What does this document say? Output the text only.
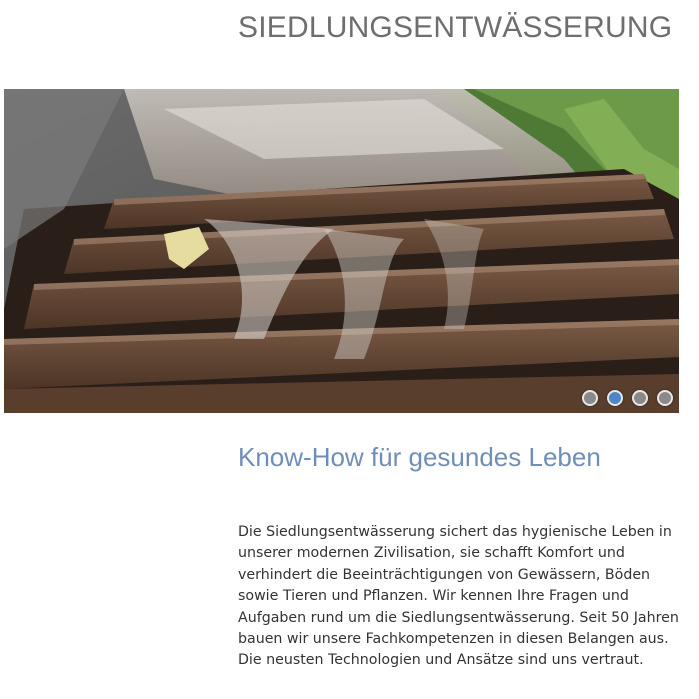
SIEDLUNGSENTWÄSSERUNG
Know-How für gesundes Leben

Die Siedlungsentwässerung sichert das hygienische Leben in unserer modernen Zivilisation, sie schafft Komfort und verhindert die Beeinträchtigungen von Gewässern, Böden sowie Tieren und Pflanzen. Wir kennen Ihre Fragen und Aufgaben rund um die Siedlungsentwässerung. Seit 50 Jahren bauen wir unsere Fachkompetenzen in diesen Belangen aus. Die neusten Technologien und Ansätze sind uns vertraut.
